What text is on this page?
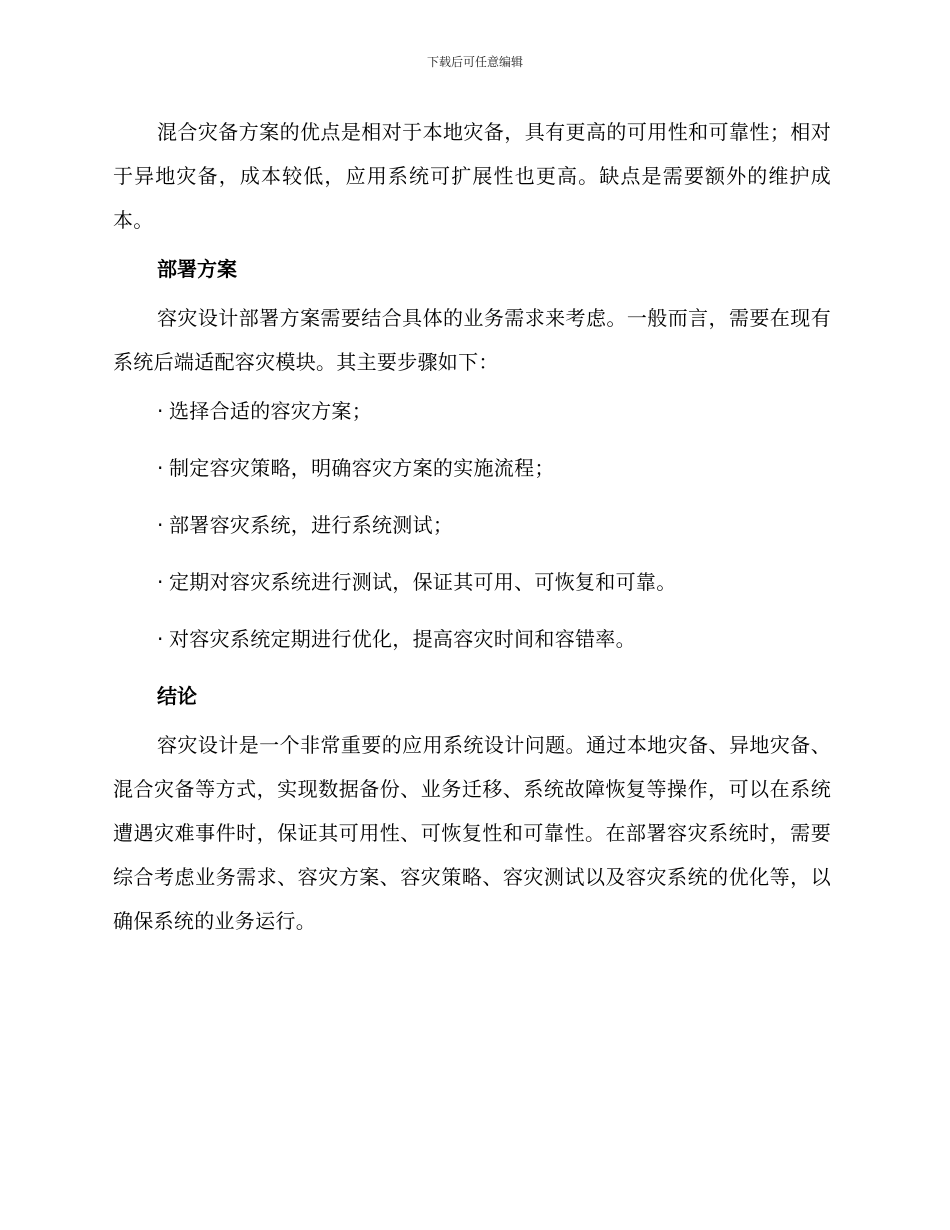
下载后可任意编辑

混合灾备方案的优点是相对于本地灾备，具有更高的可用性和可靠性；相对于异地灾备，成本较低，应用系统可扩展性也更高。缺点是需要额外的维护成本。

部署方案

容灾设计部署方案需要结合具体的业务需求来考虑。一般而言，需要在现有系统后端适配容灾模块。其主要步骤如下：

· 选择合适的容灾方案；
· 制定容灾策略，明确容灾方案的实施流程；
· 部署容灾系统，进行系统测试；
· 定期对容灾系统进行测试，保证其可用、可恢复和可靠。
· 对容灾系统定期进行优化，提高容灾时间和容错率。
结论

容灾设计是一个非常重要的应用系统设计问题。通过本地灾备、异地灾备、混合灾备等方式，实现数据备份、业务迁移、系统故障恢复等操作，可以在系统遭遇灾难事件时，保证其可用性、可恢复性和可靠性。在部署容灾系统时，需要综合考虑业务需求、容灾方案、容灾策略、容灾测试以及容灾系统的优化等，以确保系统的业务运行。
